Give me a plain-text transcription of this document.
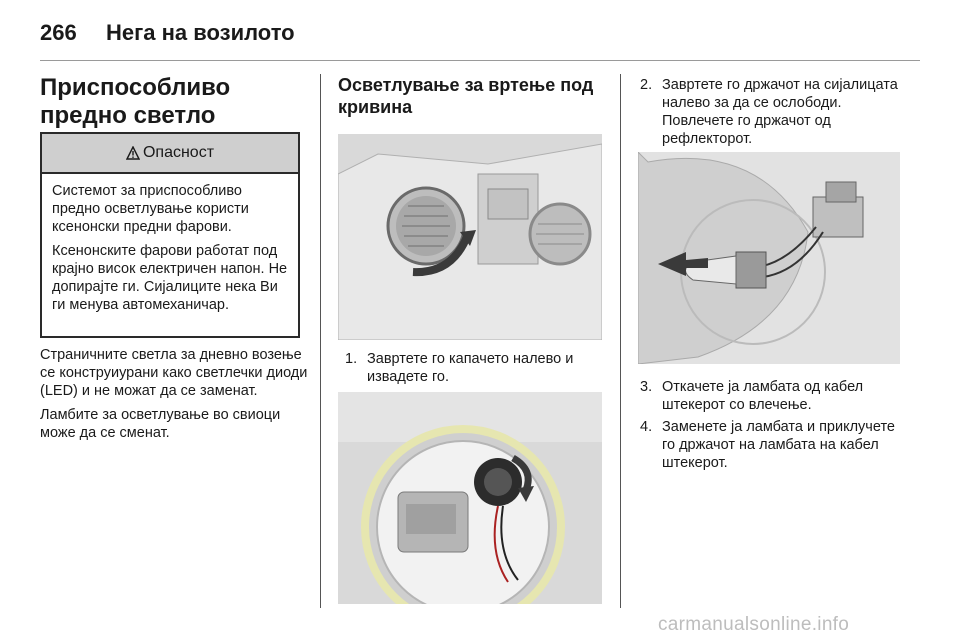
266 Нега на возилото
Приспособливо предно светло
Опасност

Системот за приспособливо предно осветлување користи ксенонски предни фарови.

Ксенонските фарови работат под крајно висок електричен напон. Не допирајте ги. Сијалиците нека Ви ги менува автомеханичар.

Страничните светла за дневно возење се конструиурани како светлечки диоди (LED) и не можат да се заменат.

Ламбите за осветлување во свиоци може да се сменат.

Осветлување за вртење под кривина
1. Завртете го капачето налево и извадете го.
2. Завртете го држачот на сијалицата налево за да се ослободи. Повлечете го држачот од рефлекторот.
3. Откачете ја ламбата од кабел штекерот со влечење.
4. Заменете ја ламбата и приклучете го држачот на ламбата на кабел штекерот.
carmanualsonline.info
